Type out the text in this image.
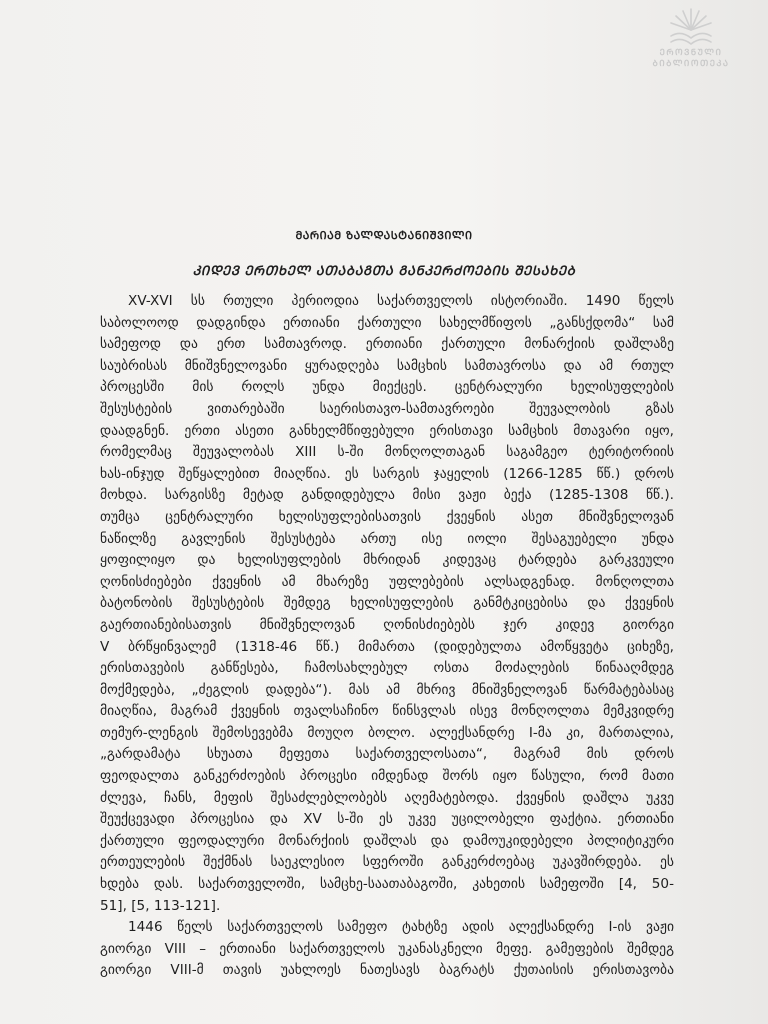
ᲔᲠᲝᲕᲜᲣᲚᲘ
ᲑᲘᲑᲚᲘᲝᲗᲔᲙᲐ
ᲛᲐᲠᲘᲐᲛ ᲖᲐᲚᲓᲐᲡᲢᲐᲜᲘᲨᲕᲘᲚᲘ
ᲙᲘᲓᲔᲕ ᲔᲠᲗᲮᲔᲚ ᲐᲗᲐᲑᲐᲒᲗᲐ ᲒᲐᲜᲙᲔᲠᲫᲝᲔᲑᲘᲡ ᲨᲔᲡᲐᲮᲔᲑ
XV-XVI სს რთული პერიოდია საქართველოს ისტორიაში. 1490 წელს
საბოლოოდ დადგინდა ერთიანი ქართული სახელმწიფოს „განსქდომა“ სამ
სამეფოდ და ერთ სამთავროდ. ერთიანი ქართული მონარქიის დაშლაზე
საუბრისას მნიშვნელოვანი ყურადღება სამცხის სამთავროსა და ამ რთულ
პროცესში მის როლს უნდა მიექცეს. ცენტრალური ხელისუფლების
შესუსტების ვითარებაში საერისთავო-სამთავროები შეუვალობის გზას
დაადგნენ. ერთი ასეთი განხელმწიფებული ერისთავი სამცხის მთავარი იყო,
რომელმაც შეუვალობას XIII ს-ში მონღოლთაგან საგამგეო ტერიტორიის
ხას-ინჯუდ შეწყალებით მიაღწია. ეს სარგის ჯაყელის (1266-1285 წწ.) დროს
მოხდა. სარგისზე მეტად განდიდებულა მისი ვაჟი ბექა (1285-1308 წწ.).
თუმცა ცენტრალური ხელისუფლებისათვის ქვეყნის ასეთ მნიშვნელოვან
ნაწილზე გავლენის შესუსტება ართუ ისე იოლი შესაგუებელი უნდა
ყოფილიყო და ხელისუფლების მხრიდან კიდევაც ტარდება გარკვეული
ღონისძიებები ქვეყნის ამ მხარეზე უფლებების ალსადგენად. მონღოლთა
ბატონობის შესუსტების შემდეგ ხელისუფლების განმტკიცებისა და ქვეყნის
გაერთიანებისათვის მნიშვნელოვან ღონისძიებებს ჯერ კიდევ გიორგი
V ბრწყინვალემ (1318-46 წწ.) მიმართა (დიდებულთა ამოწყვეტა ციხეზე,
ერისთავების განწესება, ჩამოსახლებულ ოსთა მოძალების წინააღმდეგ
მოქმედება, „ძეგლის დადება“). მას ამ მხრივ მნიშვნელოვან წარმატებასაც
მიაღწია, მაგრამ ქვეყნის თვალსაჩინო წინსვლას ისევ მონღოლთა მემკვიდრე
თემურ-ლენგის შემოსევებმა მოუღო ბოლო. ალექსანდრე I-მა კი, მართალია,
„გარდამატა სხუათა მეფეთა საქართველოსათა“, მაგრამ მის დროს
ფეოდალთა განკერძოების პროცესი იმდენად შორს იყო წასული, რომ მათი
ძლევა, ჩანს, მეფის შესაძლებლობებს აღემატებოდა. ქვეყნის დაშლა უკვე
შეუქცევადი პროცესია და XV ს-ში ეს უკვე უცილობელი ფაქტია. ერთიანი
ქართული ფეოდალური მონარქიის დაშლას და დამოუკიდებელი პოლიტიკური
ერთეულების შექმნას საეკლესიო სფეროში განკერძოებაც უკავშირდება. ეს
ხდება დას. საქართველოში, სამცხე-საათაბაგოში, კახეთის სამეფოში [4, 50-
51], [5, 113-121].
1446 წელს საქართველოს სამეფო ტახტზე ადის ალექსანდრე I-ის ვაჟი
გიორგი VIII – ერთიანი საქართველოს უკანასკნელი მეფე. გამეფების შემდეგ
გიორგი VIII-მ თავის უახლოეს ნათესავს ბაგრატს ქუთაისის ერისთავობა
